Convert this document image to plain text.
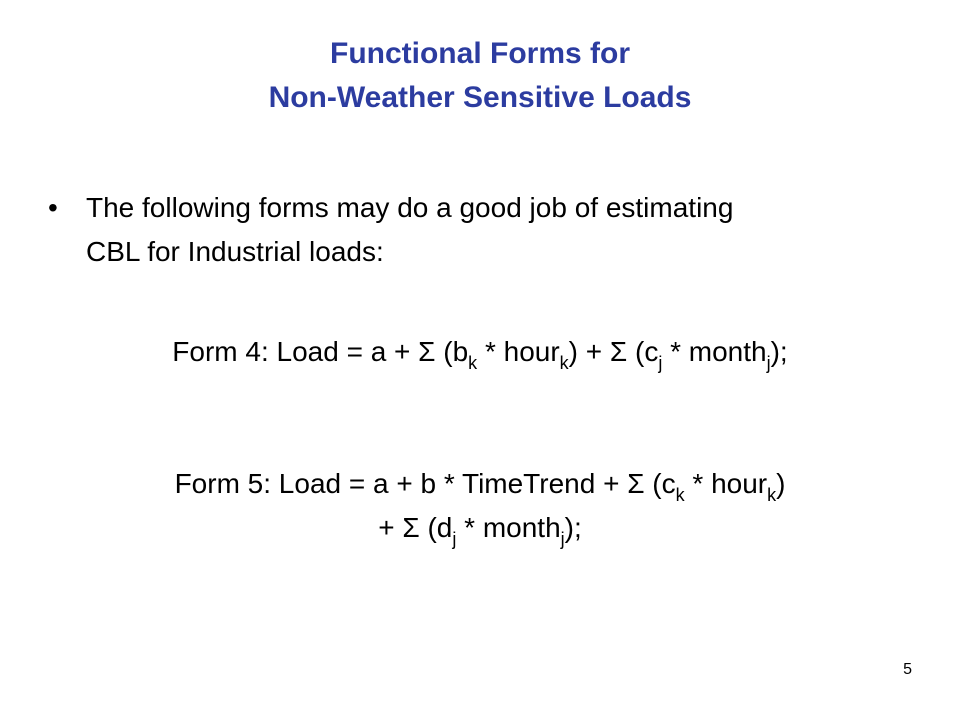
Functional Forms for
Non-Weather Sensitive Loads
• The following forms may do a good job of estimating
CBL for Industrial loads:
Form 4: Load = a + Σ ($b_k$ * hour$_k$) + Σ ($c_j$ * month$_j$);
Form 5: Load = a + b * TimeTrend + Σ ($c_k$ * hour$_k$)
+ Σ ($d_j$ * month$_j$);
5
